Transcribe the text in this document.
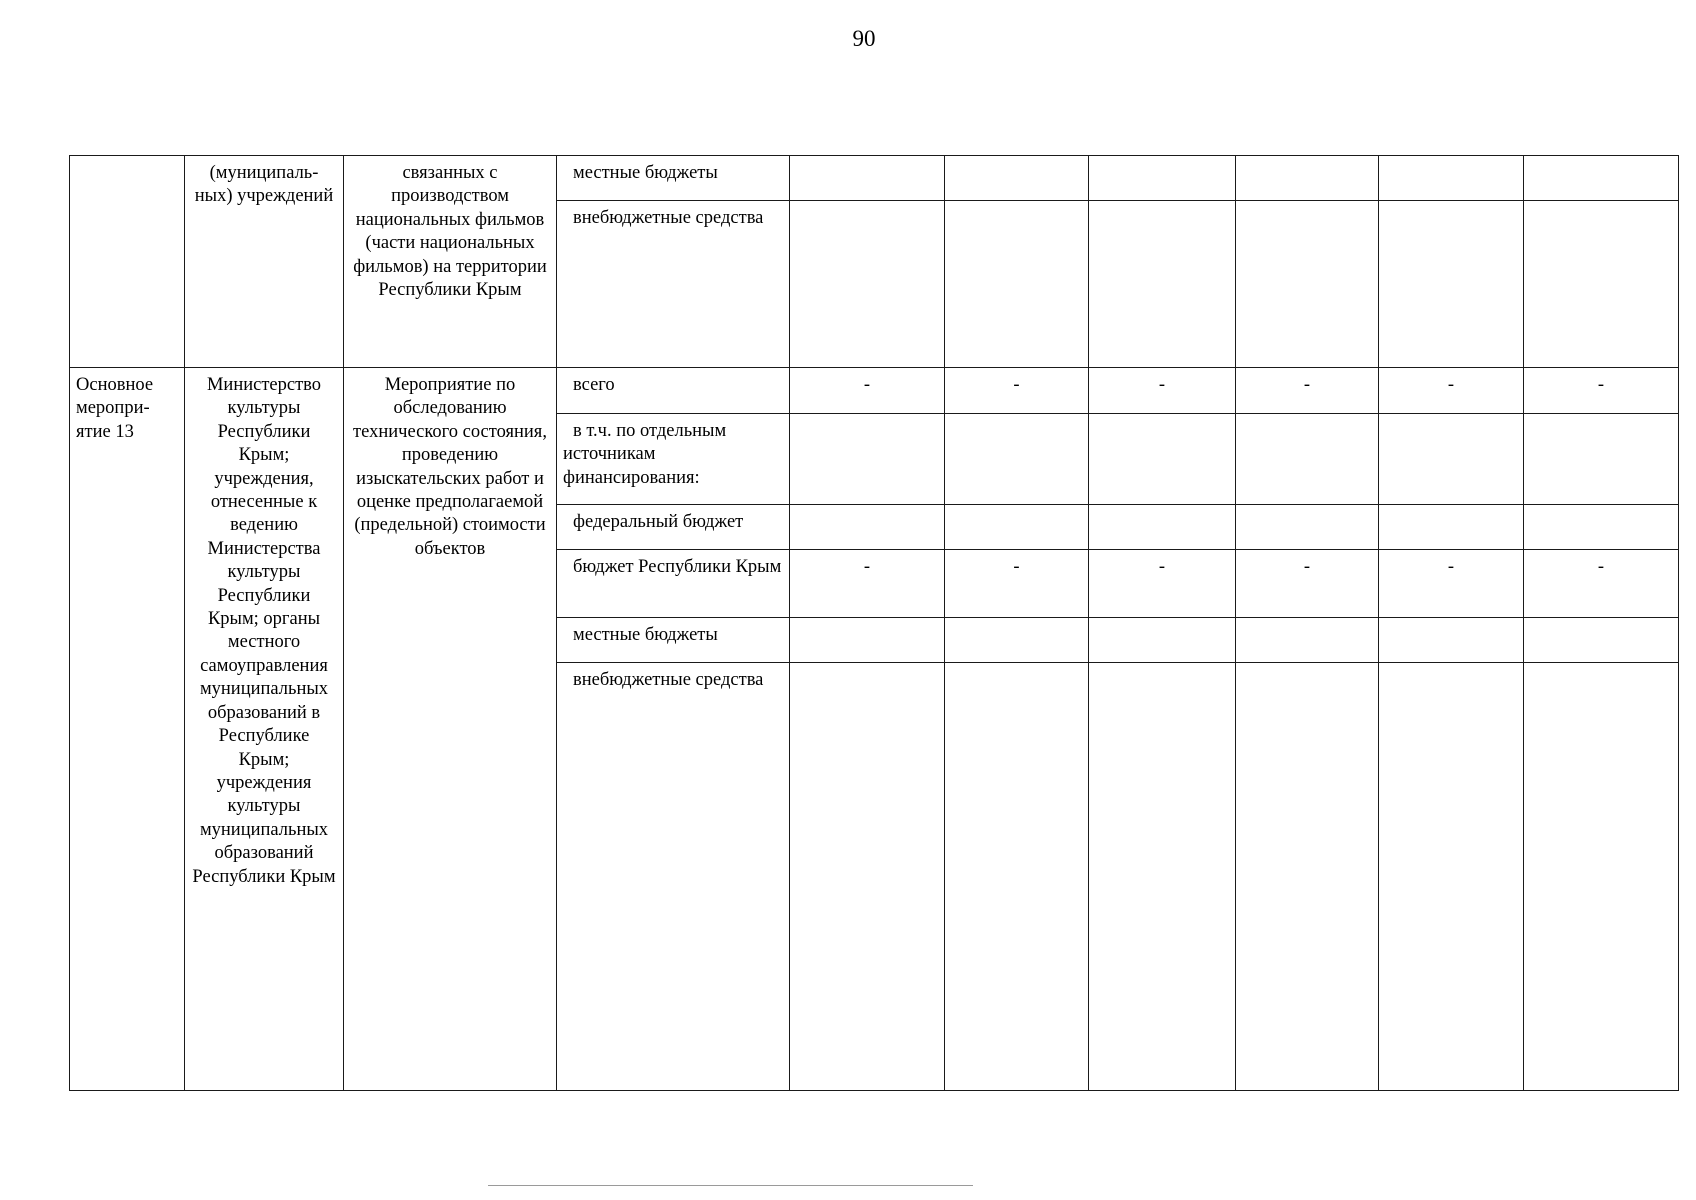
90
	(муниципаль-ных) учреждений	связанных с производством национальных фильмов (части национальных фильмов) на территории Республики Крым	местные бюджеты						
			внебюджетные средства						
Основное меропри-ятие 13	Министерство культуры Республики Крым; учреждения, отнесенные к ведению Министерства культуры Республики Крым; органы местного самоуправления муниципальных образований в Республике Крым; учреждения культуры муниципальных образований Республики Крым	Мероприятие по обследованию технического состояния, проведению изыскательских работ и оценке предполагаемой (предельной) стоимости объектов	всего	-	-	-	-	-	-
			в т.ч. по отдельным источникам финансирования:						
			федеральный бюджет						
			бюджет Республики Крым	-	-	-	-	-	-
			местные бюджеты						
			внебюджетные средства						
